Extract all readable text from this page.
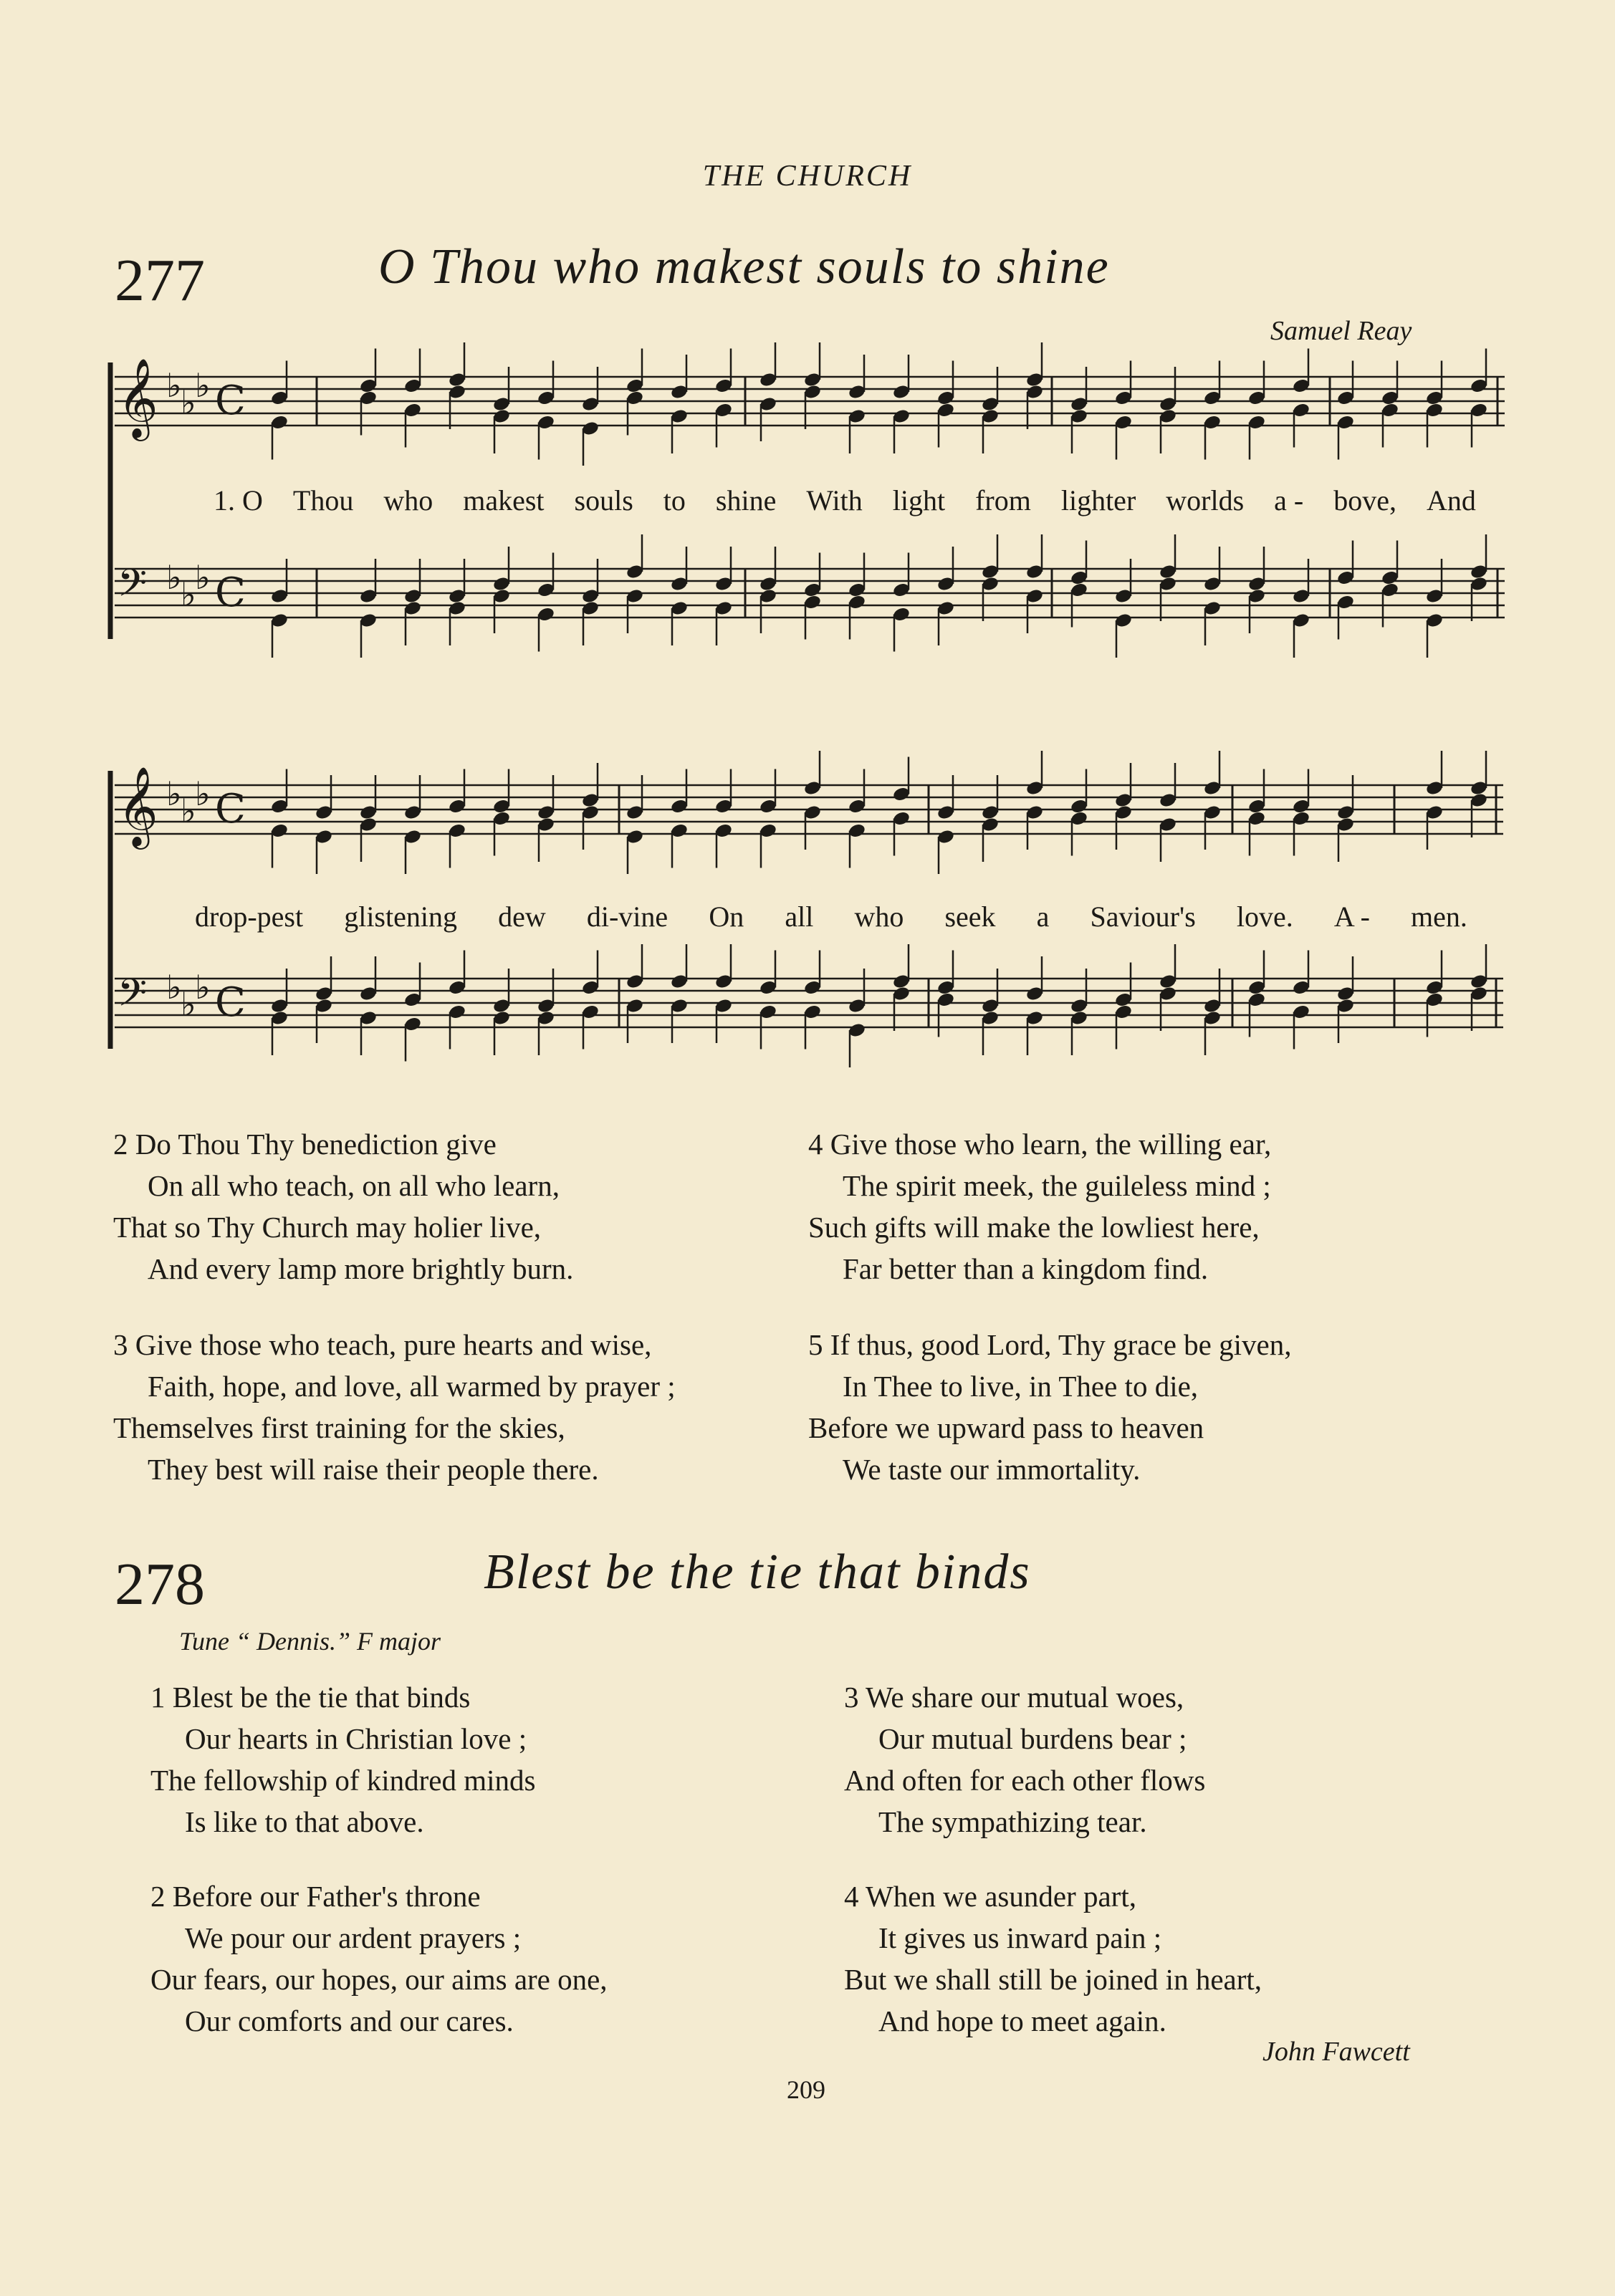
THE CHURCH
277	O Thou who makest souls to shine
Samuel Reay
𝄞 ♭
♭
♭ C
𝄢 ♭
♭
♭ C
𝄞 ♭
♭
♭ C
𝄢 ♭
♭
♭ C
1. O Thou who makest souls to shine With light from lighter worlds a - bove, And
drop-pest glistening dew di-vine On all who seek a Saviour's love. A - men.
2 Do Thou Thy benediction give
On all who teach, on all who learn,
That so Thy Church may holier live,
And every lamp more brightly burn.
4 Give those who learn, the willing ear,
The spirit meek, the guileless mind ;
Such gifts will make the lowliest here,
Far better than a kingdom find.
3 Give those who teach, pure hearts and wise,
Faith, hope, and love, all warmed by prayer ;
Themselves first training for the skies,
They best will raise their people there.
5 If thus, good Lord, Thy grace be given,
In Thee to live, in Thee to die,
Before we upward pass to heaven
We taste our immortality.
278	Blest be the tie that binds
Tune “ Dennis.” F major
1 Blest be the tie that binds
Our hearts in Christian love ;
The fellowship of kindred minds
Is like to that above.
3 We share our mutual woes,
Our mutual burdens bear ;
And often for each other flows
The sympathizing tear.
2 Before our Father's throne
We pour our ardent prayers ;
Our fears, our hopes, our aims are one,
Our comforts and our cares.
4 When we asunder part,
It gives us inward pain ;
But we shall still be joined in heart,
And hope to meet again.
John Fawcett
209
